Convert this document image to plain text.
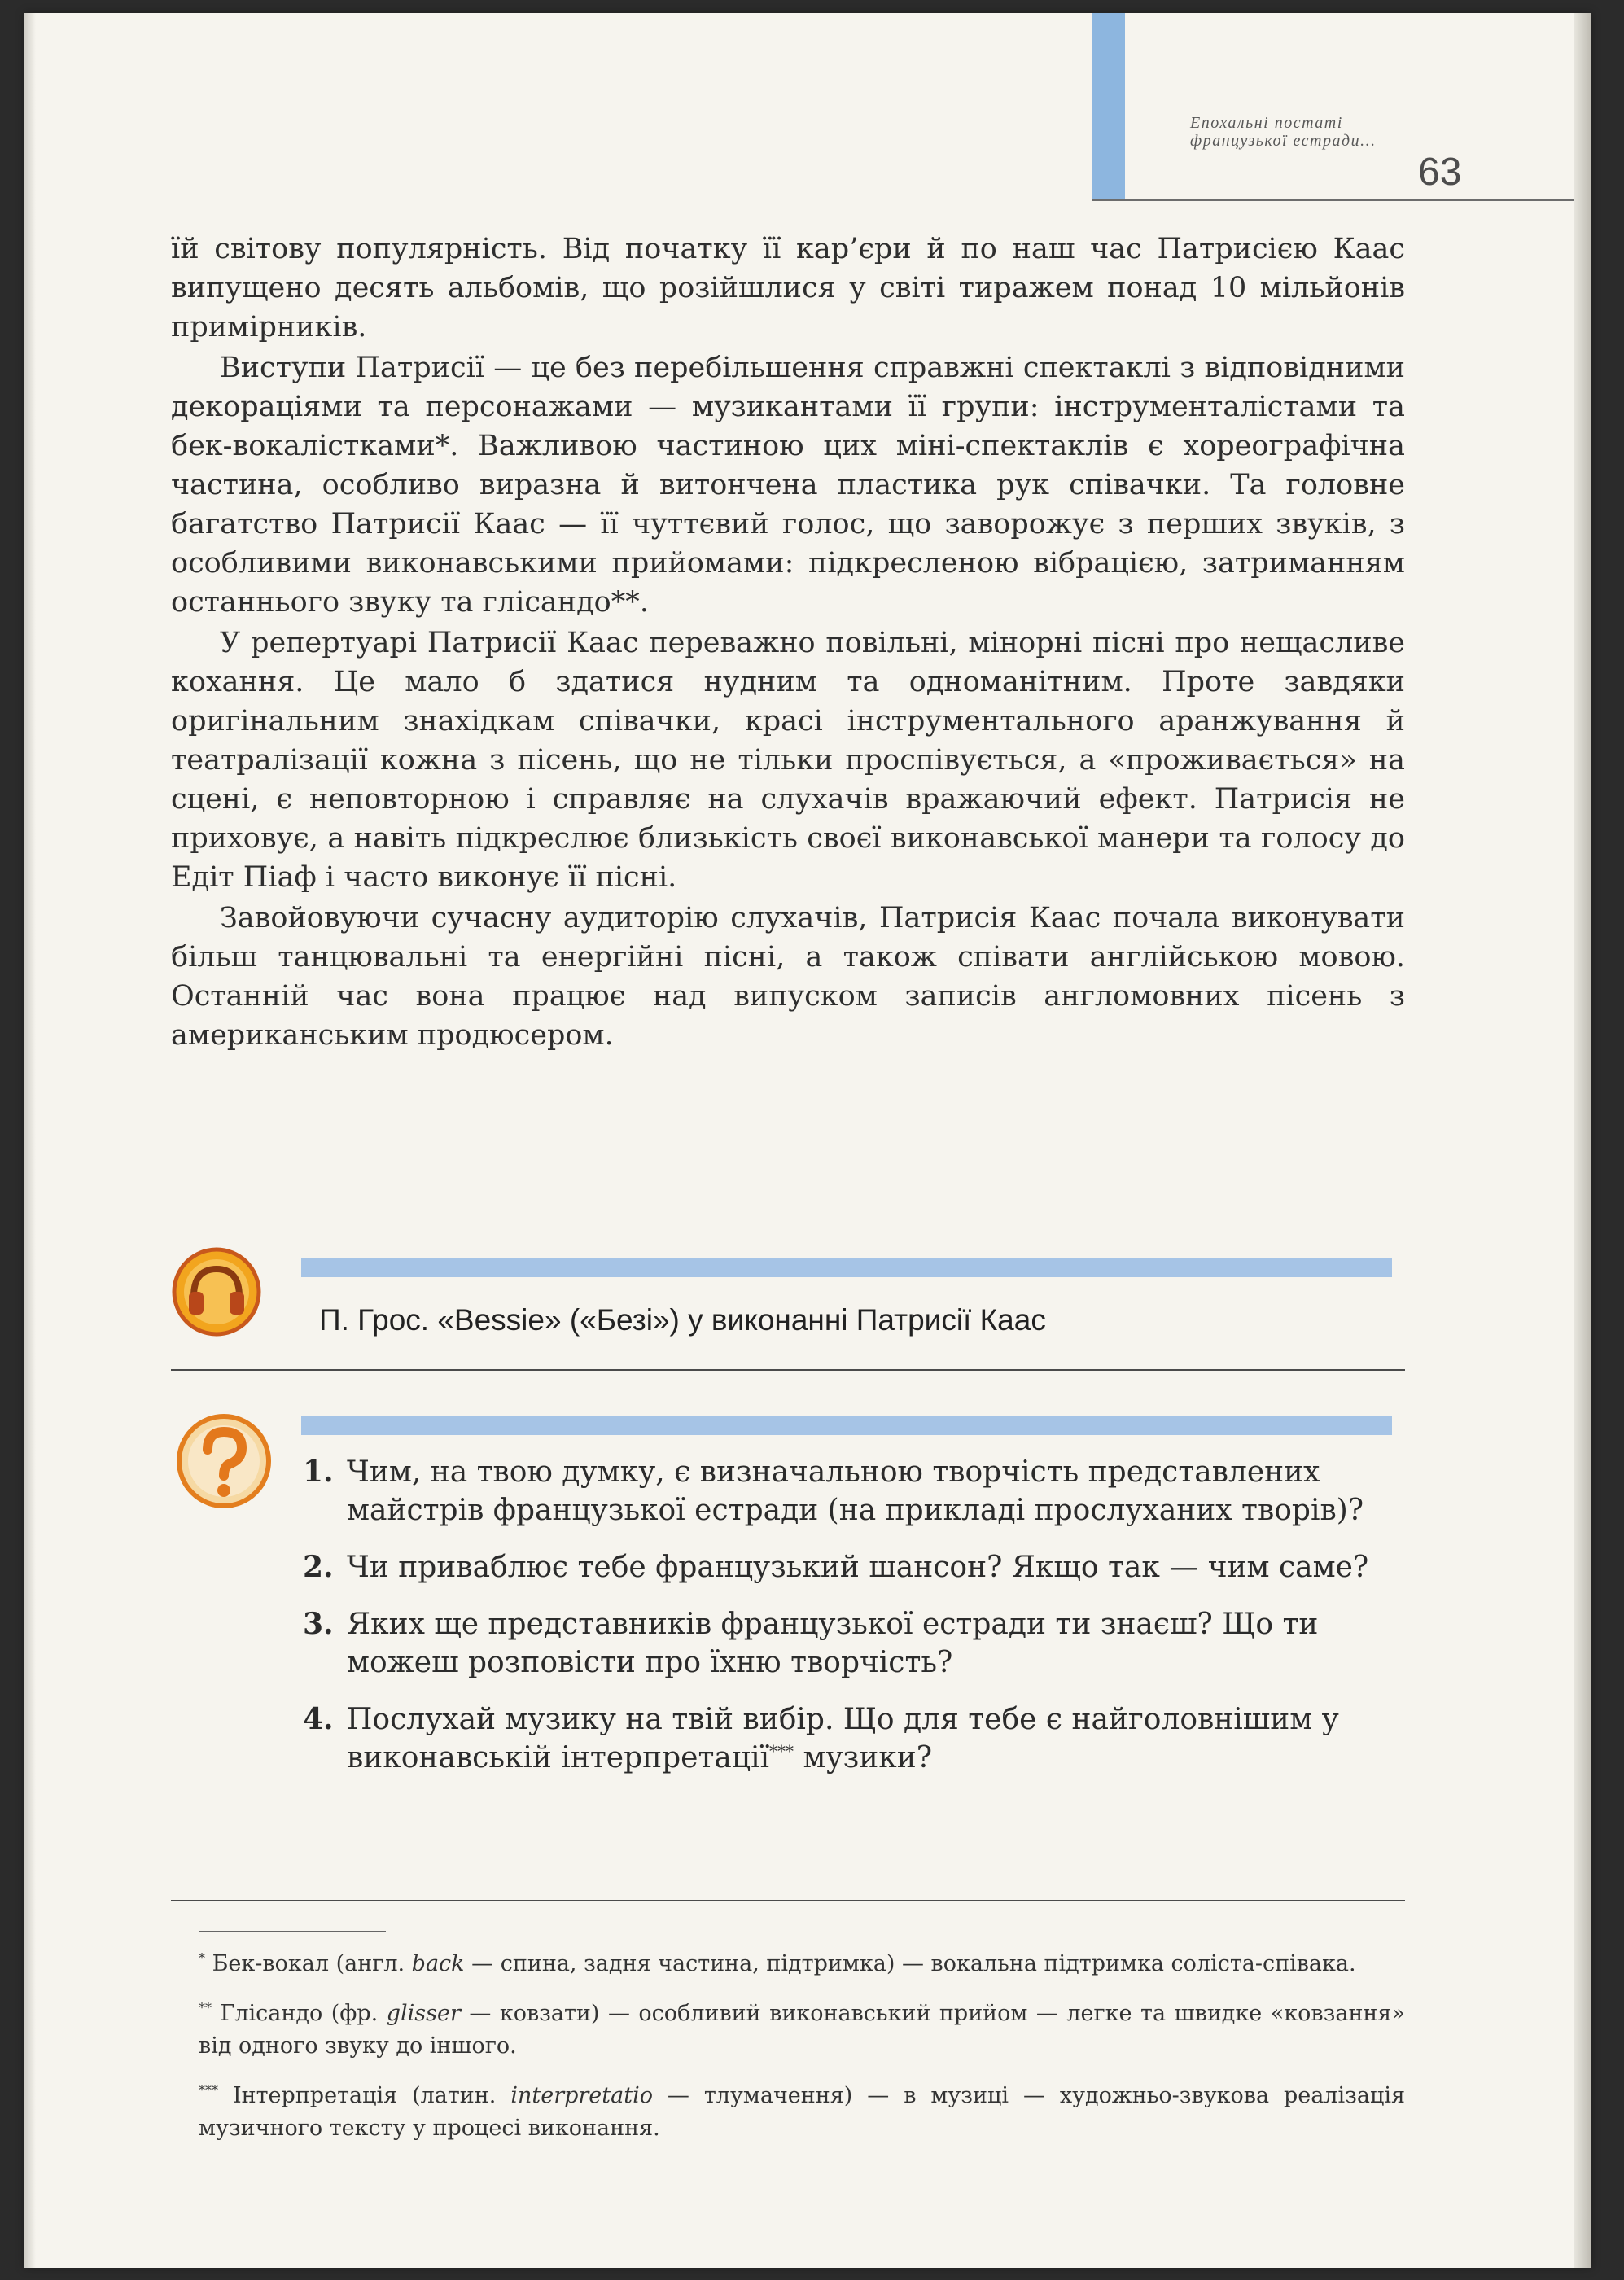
Епохальні постаті французької естради...
63

їй світову популярність. Від початку її кар’єри й по наш час Патрисією Каас випущено десять альбомів, що розійшлися у світі тиражем понад 10 мільйонів примірників.

Виступи Патрисії — це без перебільшення справжні спектаклі з відповідними декораціями та персонажами — музикантами її групи: інструменталістами та бек-вокалістками*. Важливою частиною цих міні-спектаклів є хореографічна частина, особливо виразна й витончена пластика рук співачки. Та головне багатство Патрисії Каас — її чуттєвий голос, що заворожує з перших звуків, з особливими виконавськими прийомами: підкресленою вібрацією, затриманням останнього звуку та глісандо**.

У репертуарі Патрисії Каас переважно повільні, мінорні пісні про нещасливе кохання. Це мало б здатися нудним та одноманітним. Проте завдяки оригінальним знахідкам співачки, красі інструментального аранжування й театралізації кожна з пісень, що не тільки проспівується, а «проживається» на сцені, є неповторною і справляє на слухачів вражаючий ефект. Патрисія не приховує, а навіть підкреслює близькість своєї виконавської манери та голосу до Едіт Піаф і часто виконує її пісні.

Завойовуючи сучасну аудиторію слухачів, Патрисія Каас почала виконувати більш танцювальні та енергійні пісні, а також співати англійською мовою. Останній час вона працює над випуском записів англомовних пісень з американським продюсером.

П. Грос. «Bessie» («Безі») у виконанні Патрисії Каас
1. Чим, на твою думку, є визначальною творчість представлених майстрів французької естради (на прикладі прослуханих творів)?
2. Чи приваблює тебе французький шансон? Якщо так — чим саме?
3. Яких ще представників французької естради ти знаєш? Що ти можеш розповісти про їхню творчість?
4. Послухай музику на твій вибір. Що для тебе є найголовнішим у виконавській інтерпретації*** музики?

* Бек-вокал (англ. back — спина, задня частина, підтримка) — вокальна підтримка соліста-співака.

** Глісандо (фр. glisser — ковзати) — особливий виконавський прийом — легке та швидке «ковзання» від одного звуку до іншого.

*** Інтерпретація (латин. interpretatio — тлумачення) — в музиці — художньо-звукова реалізація музичного тексту у процесі виконання.
